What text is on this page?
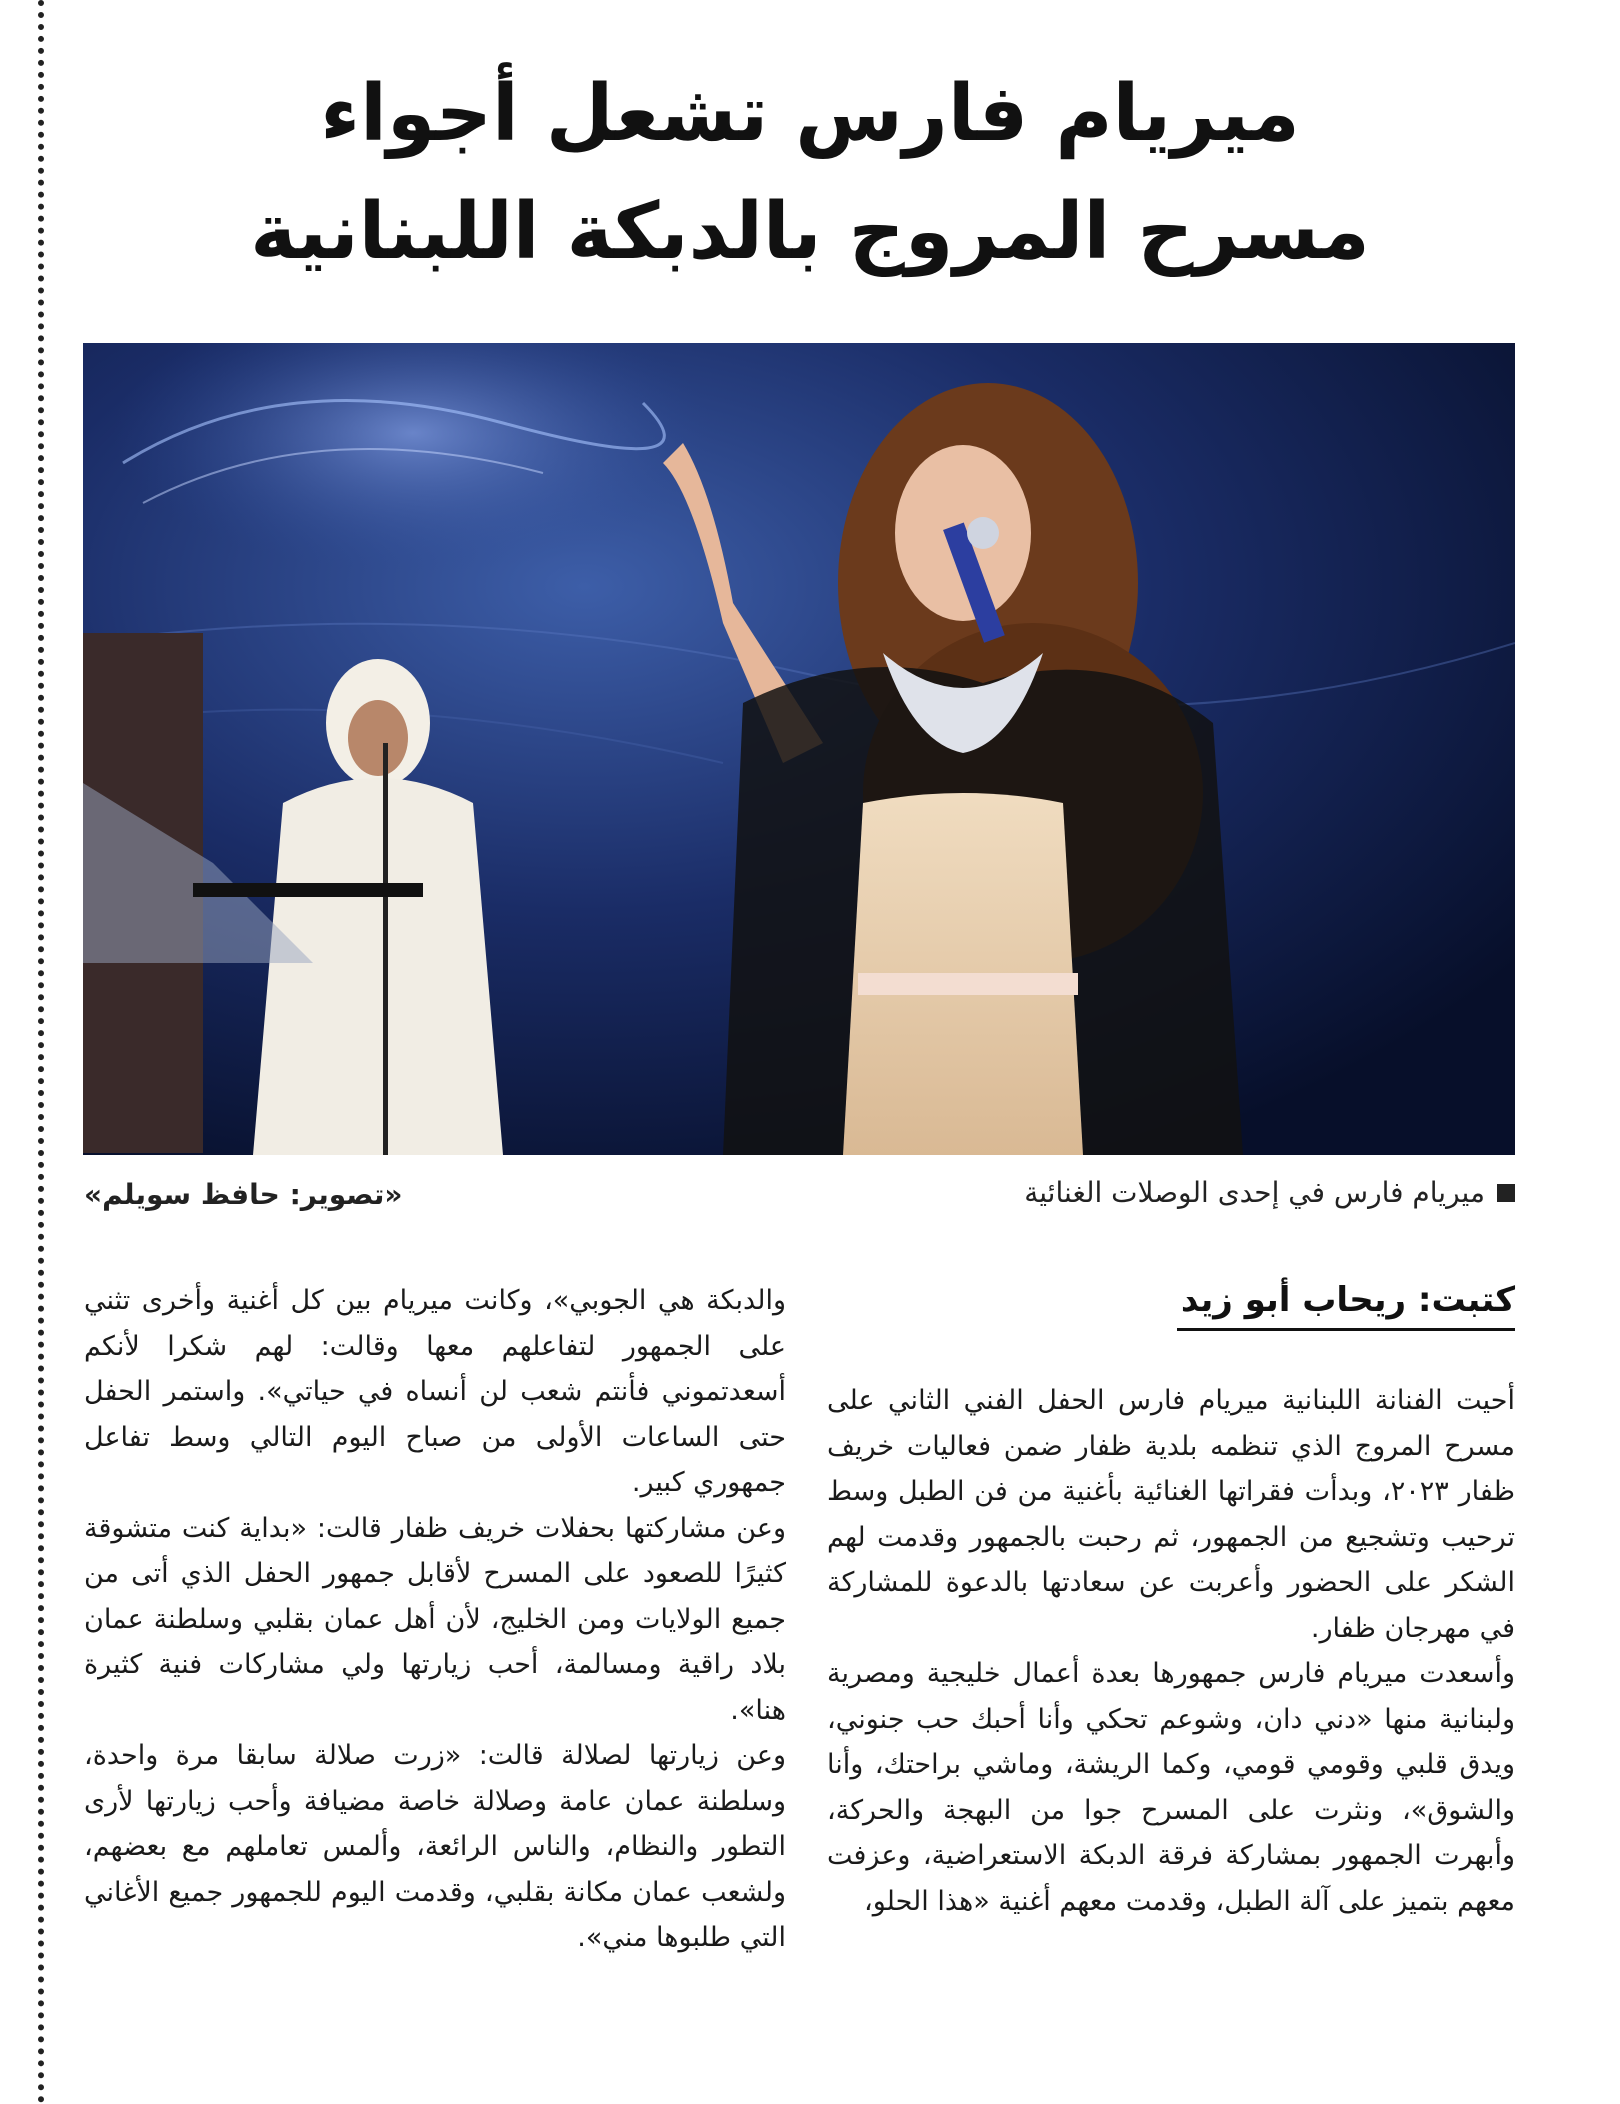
ميريام فارس تشعل أجواء
مسرح المروج بالدبكة اللبنانية
ميريام فارس في إحدى الوصلات الغنائية
«تصوير: حافظ سويلم»
كتبت: ريحاب أبو زيد

أحيت الفنانة اللبنانية ميريام فارس الحفل الفني الثاني على مسرح المروج الذي تنظمه بلدية ظفار ضمن فعاليات خريف ظفار ٢٠٢٣، وبدأت فقراتها الغنائية بأغنية من فن الطبل وسط ترحيب وتشجيع من الجمهور، ثم رحبت بالجمهور وقدمت لهم الشكر على الحضور وأعربت عن سعادتها بالدعوة للمشاركة في مهرجان ظفار.

وأسعدت ميريام فارس جمهورها بعدة أعمال خليجية ومصرية ولبنانية منها «دني دان، وشوعم تحكي وأنا أحبك حب جنوني، ويدق قلبي وقومي قومي، وكما الريشة، وماشي براحتك، وأنا والشوق»، ونثرت على المسرح جوا من البهجة والحركة، وأبهرت الجمهور بمشاركة فرقة الدبكة الاستعراضية، وعزفت معهم بتميز على آلة الطبل، وقدمت معهم أغنية «هذا الحلو،

والدبكة هي الجوبي»، وكانت ميريام بين كل أغنية وأخرى تثني على الجمهور لتفاعلهم معها وقالت: لهم شكرا لأنكم أسعدتموني فأنتم شعب لن أنساه في حياتي». واستمر الحفل حتى الساعات الأولى من صباح اليوم التالي وسط تفاعل جمهوري كبير.

وعن مشاركتها بحفلات خريف ظفار قالت: «بداية كنت متشوقة كثيرًا للصعود على المسرح لأقابل جمهور الحفل الذي أتى من جميع الولايات ومن الخليج، لأن أهل عمان بقلبي وسلطنة عمان بلاد راقية ومسالمة، أحب زيارتها ولي مشاركات فنية كثيرة هنا».

وعن زيارتها لصلالة قالت: «زرت صلالة سابقا مرة واحدة، وسلطنة عمان عامة وصلالة خاصة مضيافة وأحب زيارتها لأرى التطور والنظام، والناس الرائعة، وألمس تعاملهم مع بعضهم، ولشعب عمان مكانة بقلبي، وقدمت اليوم للجمهور جميع الأغاني التي طلبوها مني».
